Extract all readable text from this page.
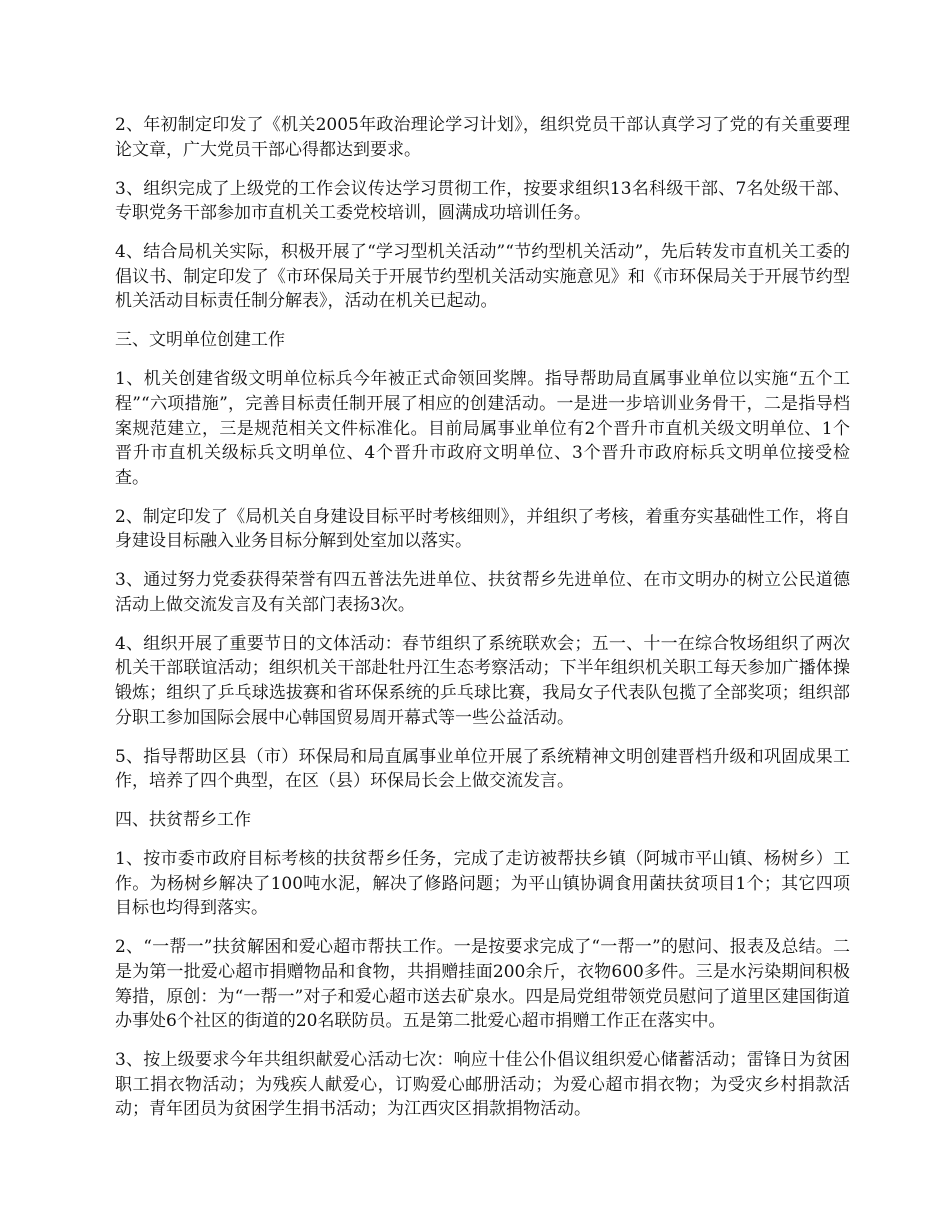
2、年初制定印发了《机关2005年政治理论学习计划》，组织党员干部认真学习了党的有关重要理论文章，广大党员干部心得都达到要求。

3、组织完成了上级党的工作会议传达学习贯彻工作，按要求组织13名科级干部、7名处级干部、专职党务干部参加市直机关工委党校培训，圆满成功培训任务。

4、结合局机关实际，积极开展了“学习型机关活动”“节约型机关活动”，先后转发市直机关工委的倡议书、制定印发了《市环保局关于开展节约型机关活动实施意见》和《市环保局关于开展节约型机关活动目标责任制分解表》，活动在机关已起动。

三、文明单位创建工作

1、机关创建省级文明单位标兵今年被正式命领回奖牌。指导帮助局直属事业单位以实施“五个工程”“六项措施”，完善目标责任制开展了相应的创建活动。一是进一步培训业务骨干，二是指导档案规范建立，三是规范相关文件标准化。目前局属事业单位有2个晋升市直机关级文明单位、1个晋升市直机关级标兵文明单位、4个晋升市政府文明单位、3个晋升市政府标兵文明单位接受检查。

2、制定印发了《局机关自身建设目标平时考核细则》，并组织了考核，着重夯实基础性工作，将自身建设目标融入业务目标分解到处室加以落实。

3、通过努力党委获得荣誉有四五普法先进单位、扶贫帮乡先进单位、在市文明办的树立公民道德活动上做交流发言及有关部门表扬3次。

4、组织开展了重要节日的文体活动：春节组织了系统联欢会；五一、十一在综合牧场组织了两次机关干部联谊活动；组织机关干部赴牡丹江生态考察活动；下半年组织机关职工每天参加广播体操锻炼；组织了乒乓球选拔赛和省环保系统的乒乓球比赛，我局女子代表队包揽了全部奖项；组织部分职工参加国际会展中心韩国贸易周开幕式等一些公益活动。

5、指导帮助区县（市）环保局和局直属事业单位开展了系统精神文明创建晋档升级和巩固成果工作，培养了四个典型，在区（县）环保局长会上做交流发言。

四、扶贫帮乡工作

1、按市委市政府目标考核的扶贫帮乡任务，完成了走访被帮扶乡镇（阿城市平山镇、杨树乡）工作。为杨树乡解决了100吨水泥，解决了修路问题；为平山镇协调食用菌扶贫项目1个；其它四项目标也均得到落实。

2、“一帮一”扶贫解困和爱心超市帮扶工作。一是按要求完成了“一帮一”的慰问、报表及总结。二是为第一批爱心超市捐赠物品和食物，共捐赠挂面200余斤，衣物600多件。三是水污染期间积极筹措，原创：为“一帮一”对子和爱心超市送去矿泉水。四是局党组带领党员慰问了道里区建国街道办事处6个社区的街道的20名联防员。五是第二批爱心超市捐赠工作正在落实中。

3、按上级要求今年共组织献爱心活动七次：响应十佳公仆倡议组织爱心储蓄活动；雷锋日为贫困职工捐衣物活动；为残疾人献爱心，订购爱心邮册活动；为爱心超市捐衣物；为受灾乡村捐款活动；青年团员为贫困学生捐书活动；为江西灾区捐款捐物活动。
